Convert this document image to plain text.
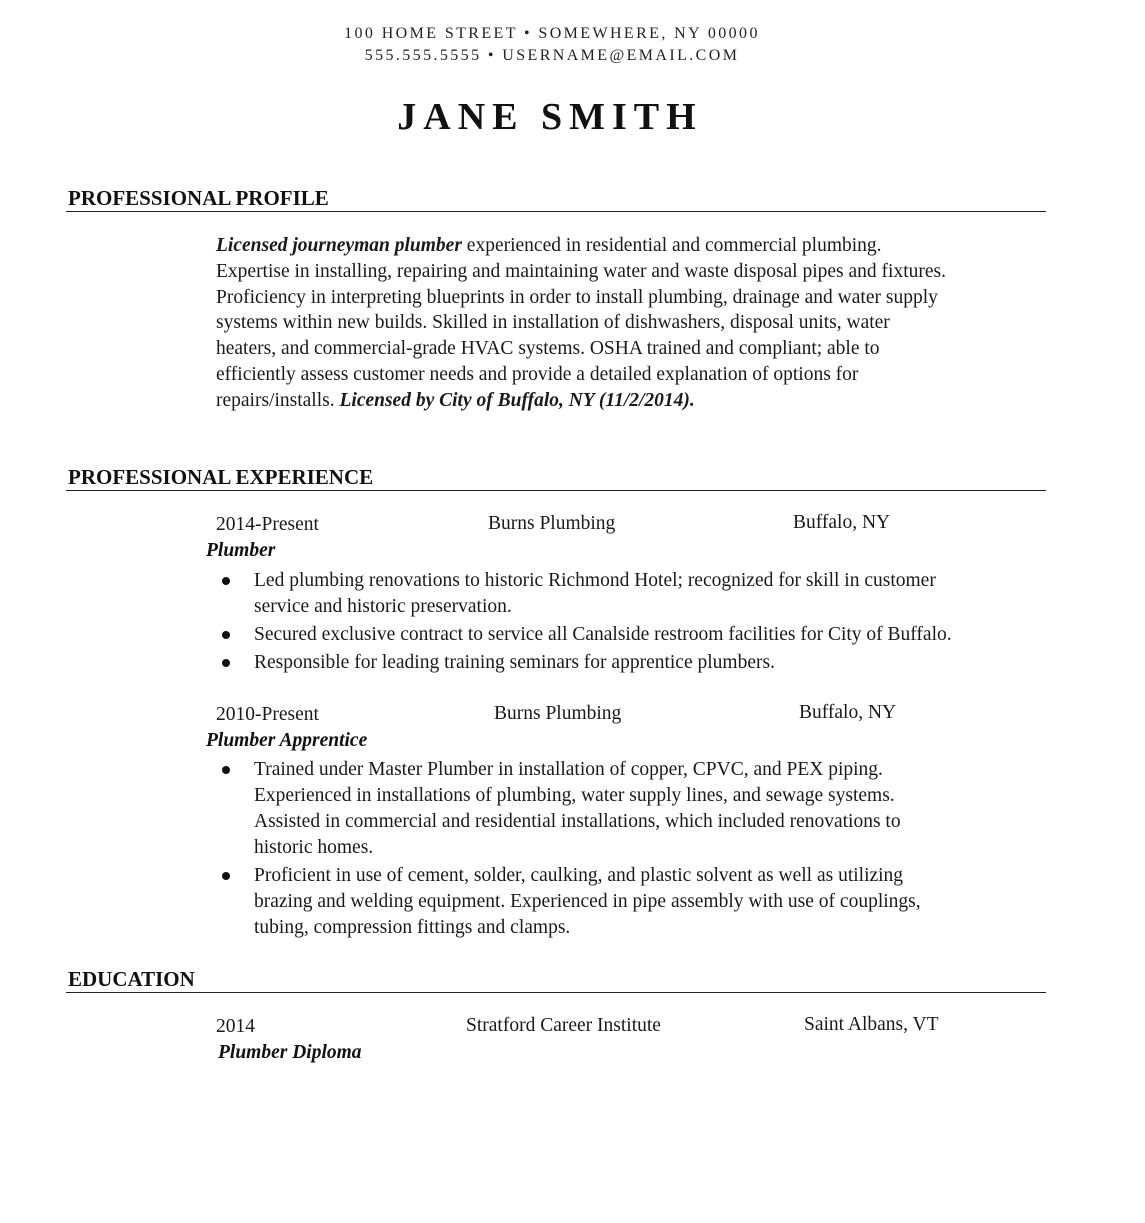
100 HOME STREET • SOMEWHERE, NY 00000
555.555.5555 • USERNAME@EMAIL.COM
JANE SMITH
PROFESSIONAL PROFILE
Licensed journeyman plumber experienced in residential and commercial plumbing.
Expertise in installing, repairing and maintaining water and waste disposal pipes and fixtures.
Proficiency in interpreting blueprints in order to install plumbing, drainage and water supply
systems within new builds. Skilled in installation of dishwashers, disposal units, water
heaters, and commercial-grade HVAC systems. OSHA trained and compliant; able to
efficiently assess customer needs and provide a detailed explanation of options for
repairs/installs. Licensed by City of Buffalo, NY (11/2/2014).
PROFESSIONAL EXPERIENCE
2014-Present	Burns Plumbing	Buffalo, NY
Plumber
Led plumbing renovations to historic Richmond Hotel; recognized for skill in customer
service and historic preservation.
Secured exclusive contract to service all Canalside restroom facilities for City of Buffalo.
Responsible for leading training seminars for apprentice plumbers.
2010-Present	Burns Plumbing	Buffalo, NY
Plumber Apprentice
Trained under Master Plumber in installation of copper, CPVC, and PEX piping.
Experienced in installations of plumbing, water supply lines, and sewage systems.
Assisted in commercial and residential installations, which included renovations to
historic homes.
Proficient in use of cement, solder, caulking, and plastic solvent as well as utilizing
brazing and welding equipment. Experienced in pipe assembly with use of couplings,
tubing, compression fittings and clamps.
EDUCATION
2014	Stratford Career Institute	Saint Albans, VT
Plumber Diploma
